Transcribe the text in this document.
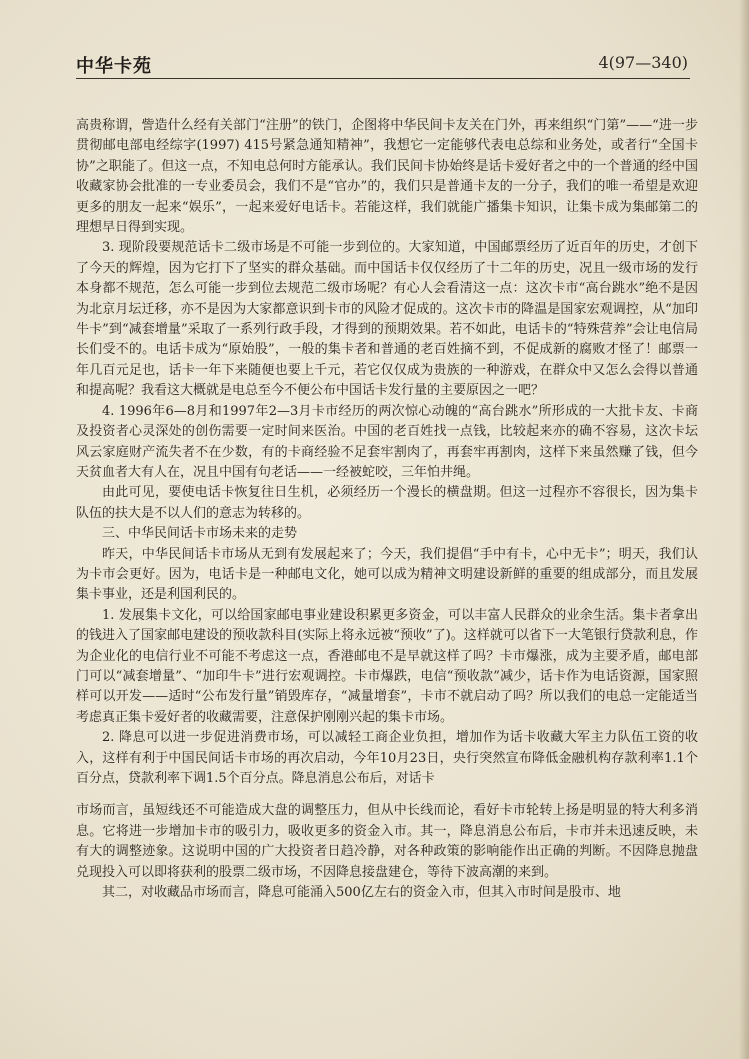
中华卡苑	4(97—340)

高贵称谓，訾造什么经有关部门“注册”的铁门，企图将中华民间卡友关在门外，再来组织“门第”——“进一步贯彻邮电部电经综字(1997) 415号紧急通知精神”，我想它一定能够代表电总综和业务处，或者行“全国卡协”之职能了。但这一点，不知电总何时方能承认。我们民间卡协始终是话卡爱好者之中的一个普通的经中国收藏家协会批准的一专业委员会，我们不是“官办”的，我们只是普通卡友的一分子，我们的唯一希望是欢迎更多的朋友一起来“娱乐”，一起来爱好电话卡。若能这样，我们就能广播集卡知识，让集卡成为集邮第二的理想早日得到实现。

3. 现阶段要规范话卡二级市场是不可能一步到位的。大家知道，中国邮票经历了近百年的历史，才创下了今天的辉煌，因为它打下了坚实的群众基础。而中国话卡仅仅经历了十二年的历史，况且一级市场的发行本身都不规范，怎么可能一步到位去规范二级市场呢？有心人会看清这一点：这次卡市“高台跳水”绝不是因为北京月坛迁移，亦不是因为大家都意识到卡市的风险才促成的。这次卡市的降温是国家宏观调控，从“加印牛卡”到“减套增量”采取了一系列行政手段，才得到的预期效果。若不如此，电话卡的“特殊营养”会让电信局长们受不的。电话卡成为“原始股”，一般的集卡者和普通的老百姓摘不到，不促成新的腐败才怪了！邮票一年几百元足也，话卡一年下来随便也要上千元，若它仅仅成为贵族的一种游戏，在群众中又怎么会得以普通和提高呢？我看这大概就是电总至今不便公布中国话卡发行量的主要原因之一吧？

4. 1996年6—8月和1997年2—3月卡市经历的两次惊心动魄的“高台跳水”所形成的一大批卡友、卡商及投资者心灵深处的创伤需要一定时间来医治。中国的老百姓找一点钱，比较起来亦的确不容易，这次卡坛风云家庭财产流失者不在少数，有的卡商经验不足套牢割肉了，再套牢再割肉，这样下来虽然赚了钱，但今天贫血者大有人在，况且中国有句老话——一经被蛇咬，三年怕井绳。

由此可见，要使电话卡恢复往日生机，必须经历一个漫长的横盘期。但这一过程亦不容很长，因为集卡队伍的扶大是不以人们的意志为转移的。

三、中华民间话卡市场未来的走势

昨天，中华民间话卡市场从无到有发展起来了；今天，我们提倡“手中有卡，心中无卡”；明天，我们认为卡市会更好。因为，电话卡是一种邮电文化，她可以成为精神文明建设新鲜的重要的组成部分，而且发展集卡事业，还是利国利民的。

1. 发展集卡文化，可以给国家邮电事业建设积累更多资金，可以丰富人民群众的业余生活。集卡者拿出的钱进入了国家邮电建设的预收款科目(实际上将永远被“预收”了)。这样就可以省下一大笔银行贷款利息，作为企业化的电信行业不可能不考虑这一点，香港邮电不是早就这样了吗？卡市爆涨，成为主要矛盾，邮电部门可以“减套增量”、“加印牛卡”进行宏观调控。卡市爆跌，电信“预收款”减少，话卡作为电话资源，国家照样可以开发——适时“公布发行量”销毁库存，“减量增套”，卡市不就启动了吗？所以我们的电总一定能适当考虑真正集卡爱好者的收藏需要，注意保护刚刚兴起的集卡市场。

2. 降息可以进一步促进消费市场，可以减轻工商企业负担，增加作为话卡收藏大军主力队伍工资的收入，这样有利于中国民间话卡市场的再次启动，今年10月23日，央行突然宣布降低金融机构存款利率1.1个百分点，贷款利率下调1.5个百分点。降息消息公布后，对话卡

市场而言，虽短线还不可能造成大盘的调整压力，但从中长线而论，看好卡市轮转上扬是明显的特大利多消息。它将进一步增加卡市的吸引力，吸收更多的资金入市。其一，降息消息公布后，卡市并未迅速反映，未有大的调整迹象。这说明中国的广大投资者日趋冷静，对各种政策的影响能作出正确的判断。不因降息抛盘兑现投入可以即将获利的股票二级市场，不因降息接盘建仓，等待下波高潮的来到。

其二，对收藏品市场而言，降息可能涌入500亿左右的资金入市，但其入市时间是股市、地
